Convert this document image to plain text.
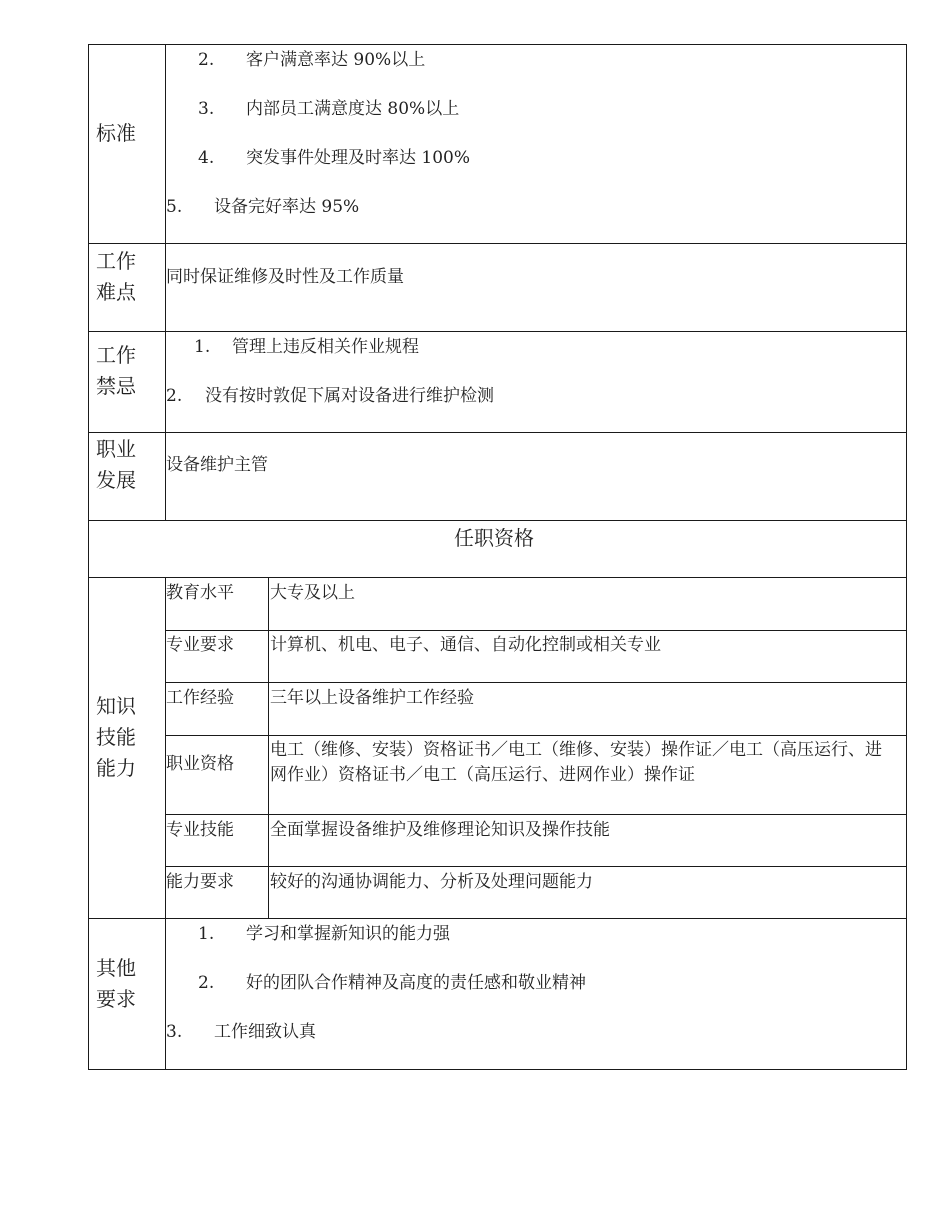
标准
2. 客户满意率达 90%以上
3. 内部员工满意度达 80%以上
4. 突发事件处理及时率达 100%
5. 设备完好率达 95%
工作
难点
同时保证维修及时性及工作质量
工作
禁忌
1. 管理上违反相关作业规程
2. 没有按时敦促下属对设备进行维护检测
职业
发展
设备维护主管
任职资格
知识
技能
能力
教育水平 大专及以上
专业要求 计算机、机电、电子、通信、自动化控制或相关专业
工作经验 三年以上设备维护工作经验
职业资格
电工（维修、安装）资格证书／电工（维修、安装）操作证／电工（高压运行、进网作业）资格证书／电工（高压运行、进网作业）操作证
专业技能 全面掌握设备维护及维修理论知识及操作技能
能力要求 较好的沟通协调能力、分析及处理问题能力
其他
要求
1. 学习和掌握新知识的能力强
2. 好的团队合作精神及高度的责任感和敬业精神
3. 工作细致认真
